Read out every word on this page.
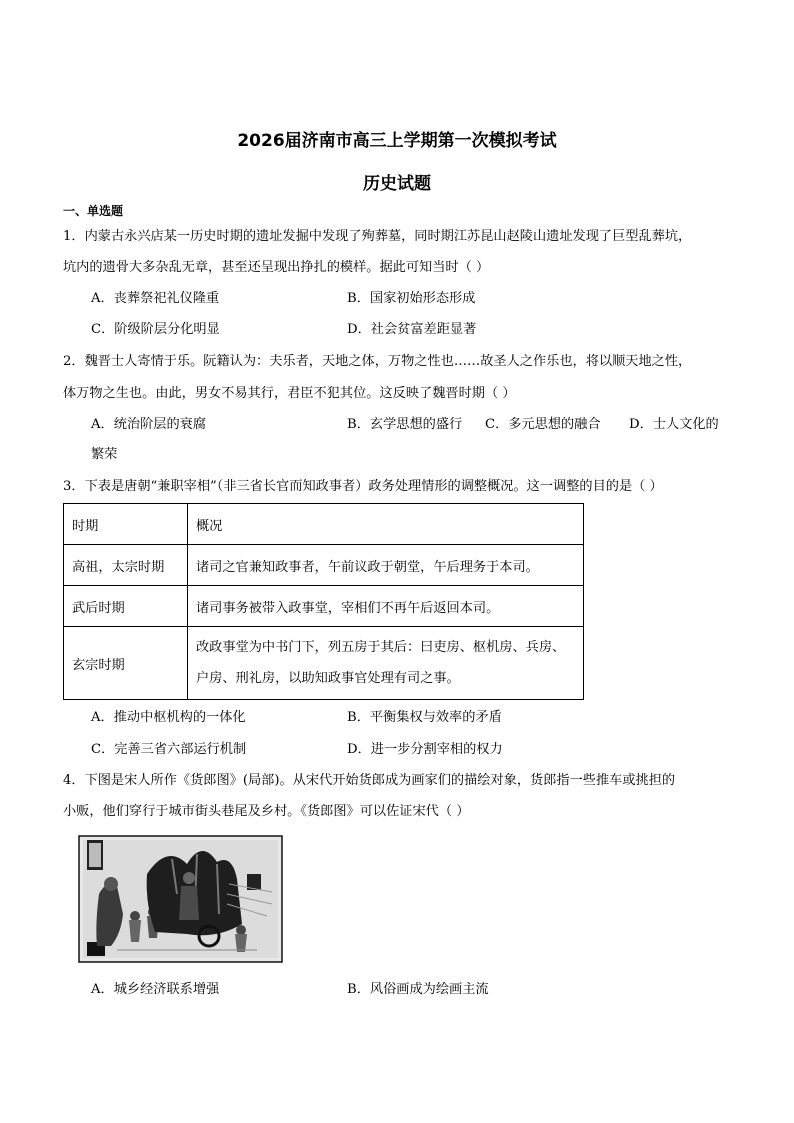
2026届济南市高三上学期第一次模拟考试
历史试题
一、单选题
1．内蒙古永兴店某一历史时期的遗址发掘中发现了殉葬墓，同时期江苏昆山赵陵山遗址发现了巨型乱葬坑，
坑内的遗骨大多杂乱无章，甚至还呈现出挣扎的模样。据此可知当时（ ）
A．丧葬祭祀礼仪隆重	B．国家初始形态形成
C．阶级阶层分化明显	D．社会贫富差距显著
2．魏晋士人寄情于乐。阮籍认为：夫乐者，天地之体，万物之性也……故圣人之作乐也，将以顺天地之性，
体万物之生也。由此，男女不易其行，君臣不犯其位。这反映了魏晋时期（ ）
A．统治阶层的衰腐	B．玄学思想的盛行 C．多元思想的融合 D．士人文化的
繁荣
3．下表是唐朝“兼职宰相”（非三省长官而知政事者）政务处理情形的调整概况。这一调整的目的是（ ）
时期	概况
高祖，太宗时期	诸司之官兼知政事者，午前议政于朝堂，午后理务于本司。
武后时期	诸司事务被带入政事堂，宰相们不再午后返回本司。
玄宗时期	改政事堂为中书门下，列五房于其后：曰吏房、枢机房、兵房、
户房、刑礼房，以助知政事官处理有司之事。
A．推动中枢机构的一体化	B．平衡集权与效率的矛盾
C．完善三省六部运行机制	D．进一步分割宰相的权力
4．下图是宋人所作《货郎图》(局部)。从宋代开始货郎成为画家们的描绘对象，货郎指一些推车或挑担的
小贩，他们穿行于城市街头巷尾及乡村。《货郎图》可以佐证宋代（ ）
A．城乡经济联系增强	B．风俗画成为绘画主流
